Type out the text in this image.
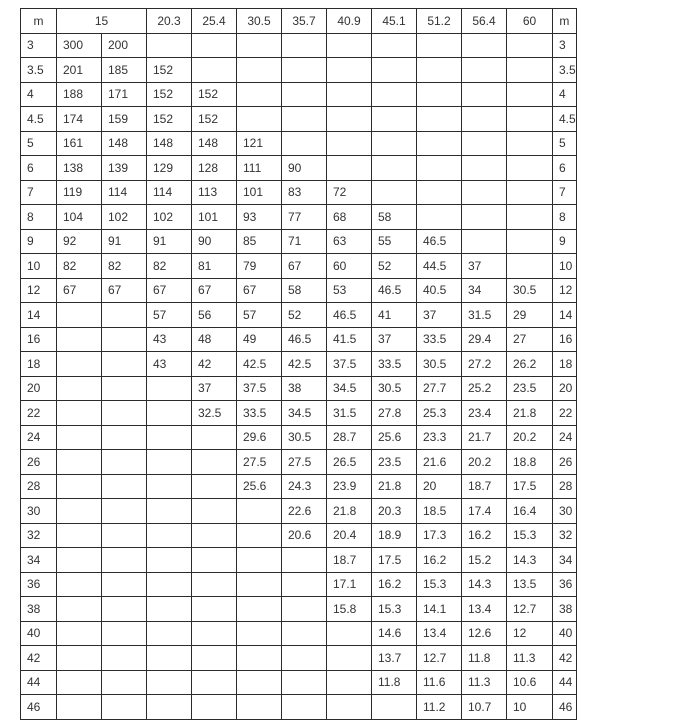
m	15		20.3	25.4	30.5	35.7	40.9	45.1	51.2	56.4	60	m
3	300	200										3
3.5	201	185	152									3.5
4	188	171	152	152								4
4.5	174	159	152	152								4.5
5	161	148	148	148	121							5
6	138	139	129	128	111	90						6
7	119	114	114	113	101	83	72					7
8	104	102	102	101	93	77	68	58				8
9	92	91	91	90	85	71	63	55	46.5			9
10	82	82	82	81	79	67	60	52	44.5	37		10
12	67	67	67	67	67	58	53	46.5	40.5	34	30.5	12
14			57	56	57	52	46.5	41	37	31.5	29	14
16			43	48	49	46.5	41.5	37	33.5	29.4	27	16
18			43	42	42.5	42.5	37.5	33.5	30.5	27.2	26.2	18
20				37	37.5	38	34.5	30.5	27.7	25.2	23.5	20
22				32.5	33.5	34.5	31.5	27.8	25.3	23.4	21.8	22
24					29.6	30.5	28.7	25.6	23.3	21.7	20.2	24
26					27.5	27.5	26.5	23.5	21.6	20.2	18.8	26
28					25.6	24.3	23.9	21.8	20	18.7	17.5	28
30						22.6	21.8	20.3	18.5	17.4	16.4	30
32						20.6	20.4	18.9	17.3	16.2	15.3	32
34							18.7	17.5	16.2	15.2	14.3	34
36							17.1	16.2	15.3	14.3	13.5	36
38							15.8	15.3	14.1	13.4	12.7	38
40								14.6	13.4	12.6	12	40
42								13.7	12.7	11.8	11.3	42
44								11.8	11.6	11.3	10.6	44
46									11.2	10.7	10	46
